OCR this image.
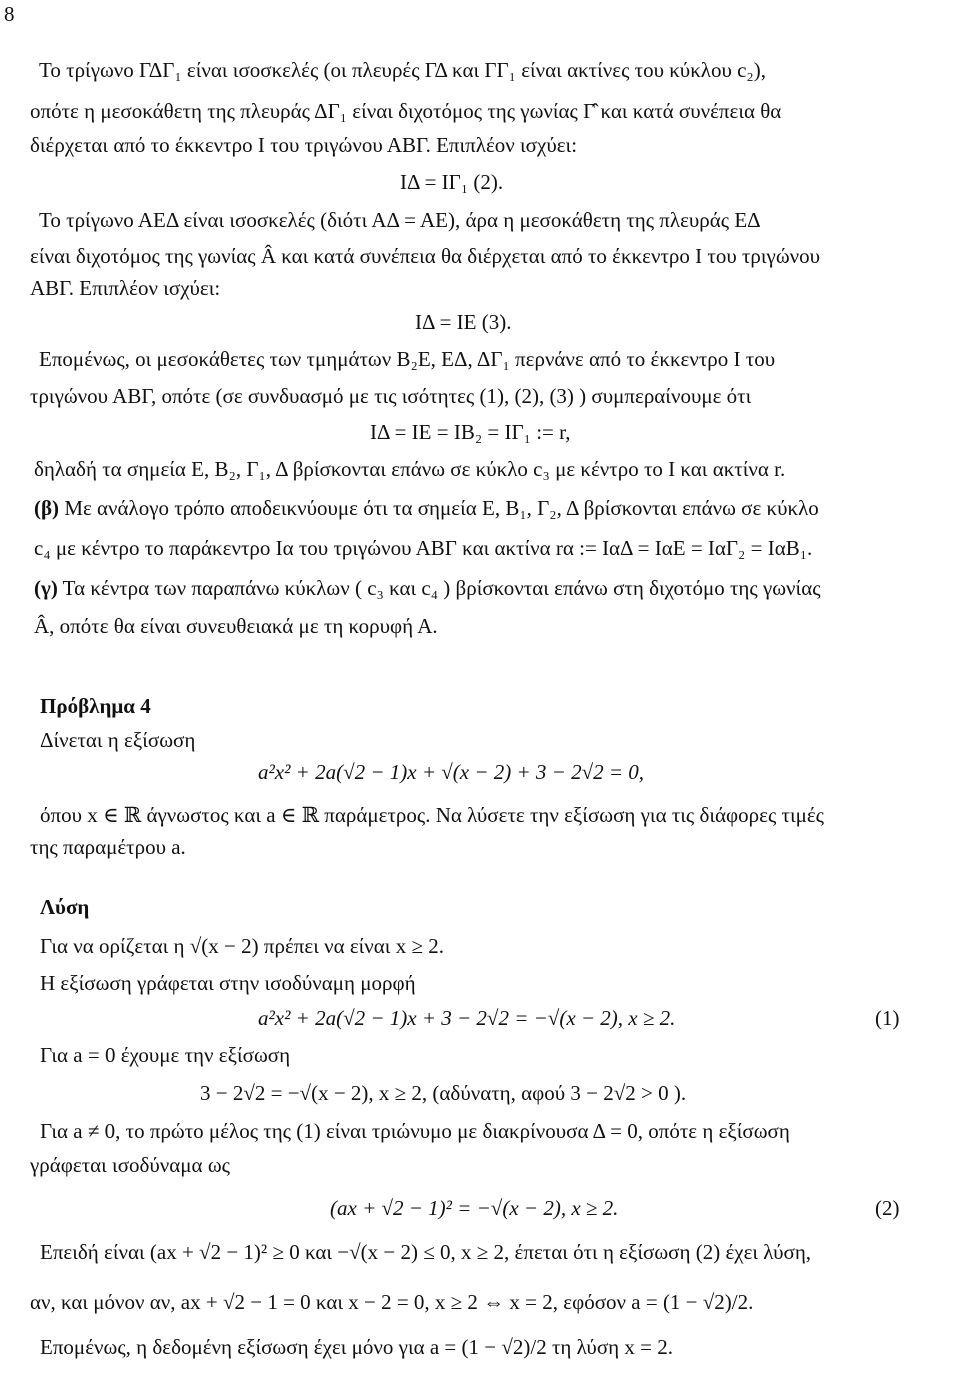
8
Το τρίγωνο ΓΔΓ₁ είναι ισοσκελές (οι πλευρές ΓΔ και ΓΓ₁ είναι ακτίνες του κύκλου c₂),
οπότε η μεσοκάθετη της πλευράς ΔΓ₁ είναι διχοτόμος της γωνίας Γ̂ και κατά συνέπεια θα
διέρχεται από το έκκεντρο Ι του τριγώνου ΑΒΓ. Επιπλέον ισχύει:
ΙΔ = ΙΓ₁ (2).
Το τρίγωνο ΑΕΔ είναι ισοσκελές (διότι ΑΔ = ΑΕ), άρα η μεσοκάθετη της πλευράς ΕΔ
είναι διχοτόμος της γωνίας Â και κατά συνέπεια θα διέρχεται από το έκκεντρο Ι του τριγώνου
ΑΒΓ. Επιπλέον ισχύει:
ΙΔ = ΙΕ (3).
Επομένως, οι μεσοκάθετες των τμημάτων Β₂Ε, ΕΔ, ΔΓ₁ περνάνε από το έκκεντρο Ι του
τριγώνου ΑΒΓ, οπότε (σε συνδυασμό με τις ισότητες (1), (2), (3) ) συμπεραίνουμε ότι
ΙΔ = ΙΕ = ΙΒ₂ = ΙΓ₁ := r,
δηλαδή τα σημεία Ε, Β₂, Γ₁, Δ βρίσκονται επάνω σε κύκλο c₃ με κέντρο το Ι και ακτίνα r.
(β) Με ανάλογο τρόπο αποδεικνύουμε ότι τα σημεία Ε, Β₁, Γ₂, Δ βρίσκονται επάνω σε κύκλο
c₄ με κέντρο το παράκεντρο Ια του τριγώνου ΑΒΓ και ακτίνα rα := ΙαΔ = ΙαΕ = ΙαΓ₂ = ΙαΒ₁.
(γ) Τα κέντρα των παραπάνω κύκλων ( c₃ και c₄ ) βρίσκονται επάνω στη διχοτόμο της γωνίας
Â, οπότε θα είναι συνευθειακά με τη κορυφή Α.
Πρόβλημα 4
Δίνεται η εξίσωση
a²x² + 2a(√2 − 1)x + √(x − 2) + 3 − 2√2 = 0,
όπου x ∈ ℝ άγνωστος και a ∈ ℝ παράμετρος. Να λύσετε την εξίσωση για τις διάφορες τιμές
της παραμέτρου a.
Λύση
Για να ορίζεται η √(x − 2) πρέπει να είναι x ≥ 2.
Η εξίσωση γράφεται στην ισοδύναμη μορφή
a²x² + 2a(√2 − 1)x + 3 − 2√2 = −√(x − 2), x ≥ 2.	(1)
Για a = 0 έχουμε την εξίσωση
3 − 2√2 = −√(x − 2), x ≥ 2, (αδύνατη, αφού 3 − 2√2 > 0 ).
Για a ≠ 0, το πρώτο μέλος της (1) είναι τριώνυμο με διακρίνουσα Δ = 0, οπότε η εξίσωση
γράφεται ισοδύναμα ως
(ax + √2 − 1)² = −√(x − 2), x ≥ 2.	(2)
Επειδή είναι (ax + √2 − 1)² ≥ 0 και −√(x − 2) ≤ 0, x ≥ 2, έπεται ότι η εξίσωση (2) έχει λύση,
αν, και μόνον αν, ax + √2 − 1 = 0 και x − 2 = 0, x ≥ 2 ⇔ x = 2, εφόσον a = (1 − √2)/2.
Επομένως, η δεδομένη εξίσωση έχει μόνο για a = (1 − √2)/2 τη λύση x = 2.
